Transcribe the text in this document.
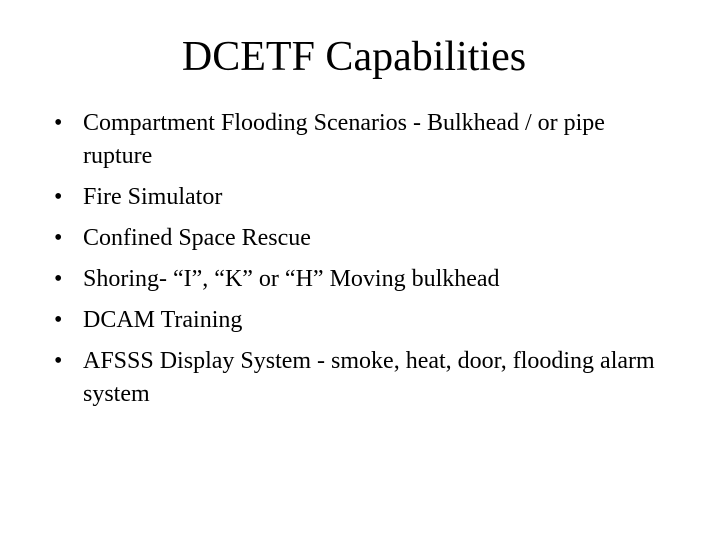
DCETF Capabilities
• Compartment Flooding Scenarios - Bulkhead / or pipe rupture
• Fire Simulator
• Confined Space Rescue
• Shoring- “I”, “K” or “H” Moving bulkhead
• DCAM Training
• AFSSS Display System - smoke, heat, door, flooding alarm system
